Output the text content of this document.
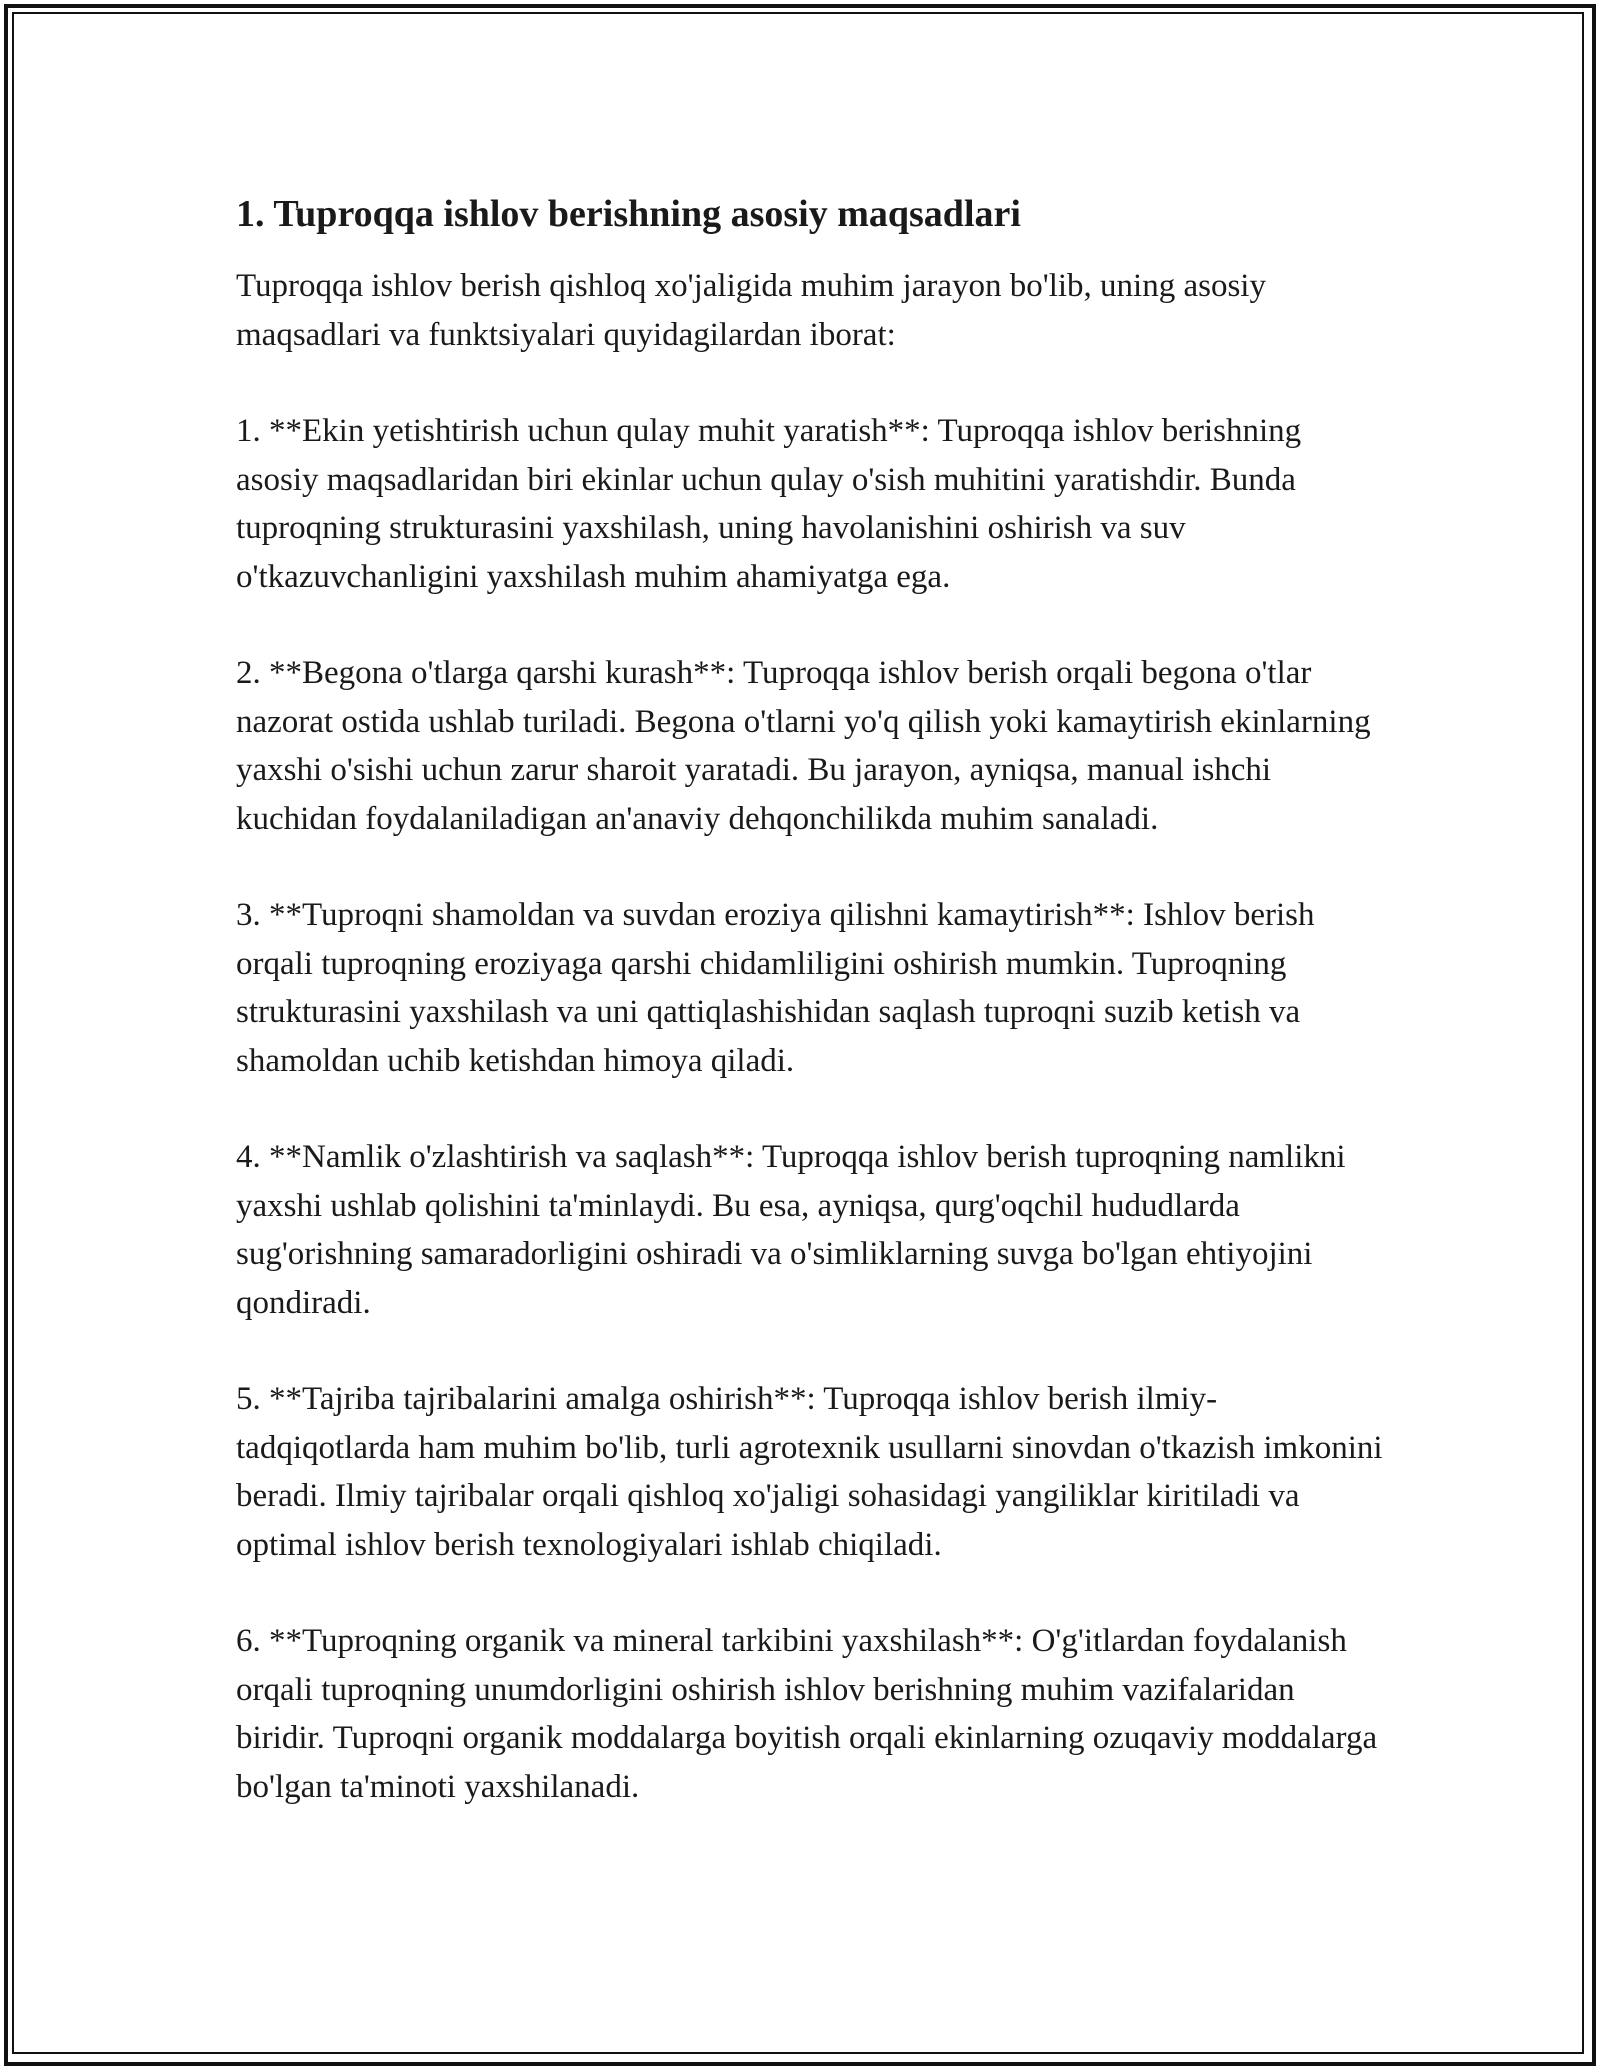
1. Tuproqqa ishlov berishning asosiy maqsadlari

Tuproqqa ishlov berish qishloq xo'jaligida muhim jarayon bo'lib, uning asosiy maqsadlari va funktsiyalari quyidagilardan iborat:

1. **Ekin yetishtirish uchun qulay muhit yaratish**: Tuproqqa ishlov berishning asosiy maqsadlaridan biri ekinlar uchun qulay o'sish muhitini yaratishdir. Bunda tuproqning strukturasini yaxshilash, uning havolanishini oshirish va suv o'tkazuvchanligini yaxshilash muhim ahamiyatga ega.

2. **Begona o'tlarga qarshi kurash**: Tuproqqa ishlov berish orqali begona o'tlar nazorat ostida ushlab turiladi. Begona o'tlarni yo'q qilish yoki kamaytirish ekinlarning yaxshi o'sishi uchun zarur sharoit yaratadi. Bu jarayon, ayniqsa, manual ishchi kuchidan foydalaniladigan an'anaviy dehqonchilikda muhim sanaladi.

3. **Tuproqni shamoldan va suvdan eroziya qilishni kamaytirish**: Ishlov berish orqali tuproqning eroziyaga qarshi chidamliligini oshirish mumkin. Tuproqning strukturasini yaxshilash va uni qattiqlashishidan saqlash tuproqni suzib ketish va shamoldan uchib ketishdan himoya qiladi.

4. **Namlik o'zlashtirish va saqlash**: Tuproqqa ishlov berish tuproqning namlikni yaxshi ushlab qolishini ta'minlaydi. Bu esa, ayniqsa, qurg'oqchil hududlarda sug'orishning samaradorligini oshiradi va o'simliklarning suvga bo'lgan ehtiyojini qondiradi.

5. **Tajriba tajribalarini amalga oshirish**: Tuproqqa ishlov berish ilmiy-tadqiqotlarda ham muhim bo'lib, turli agrotexnik usullarni sinovdan o'tkazish imkonini beradi. Ilmiy tajribalar orqali qishloq xo'jaligi sohasidagi yangiliklar kiritiladi va optimal ishlov berish texnologiyalari ishlab chiqiladi.

6. **Tuproqning organik va mineral tarkibini yaxshilash**: O'g'itlardan foydalanish orqali tuproqning unumdorligini oshirish ishlov berishning muhim vazifalaridan biridir. Tuproqni organik moddalarga boyitish orqali ekinlarning ozuqaviy moddalarga bo'lgan ta'minoti yaxshilanadi.
